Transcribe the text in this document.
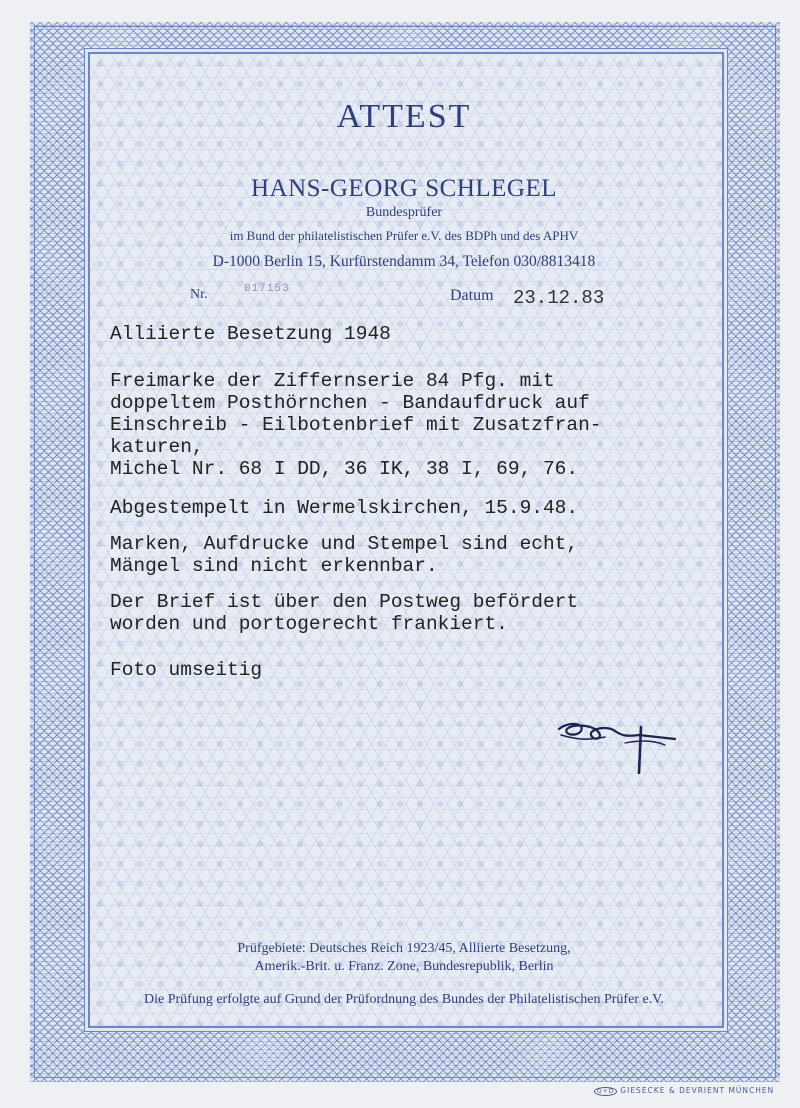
ATTEST
HANS-GEORG SCHLEGEL
Bundesprüfer
im Bund der philatelistischen Prüfer e.V. des BDPh und des APHV
D-1000 Berlin 15, Kurfürstendamm 34, Telefon 030/8813418
Nr.	017153	Datum 23.12.83
Alliierte Besetzung 1948
Freimarke der Ziffernserie 84 Pfg. mit
doppeltem Posthörnchen - Bandaufdruck auf
Einschreib - Eilbotenbrief mit Zusatzfran-
katuren,
Michel Nr. 68 I DD, 36 IK, 38 I, 69, 76.
Abgestempelt in Wermelskirchen, 15.9.48.
Marken, Aufdrucke und Stempel sind echt,
Mängel sind nicht erkennbar.
Der Brief ist über den Postweg befördert
worden und portogerecht frankiert.
Foto umseitig
Prüfgebiete: Deutsches Reich 1923/45, Alliierte Besetzung,
Amerik.-Brit. u. Franz. Zone, Bundesrepublik, Berlin
Die Prüfung erfolgte auf Grund der Prüfordnung des Bundes der Philatelistischen Prüfer e.V.
G+D GIESECKE & DEVRIENT MÜNCHEN
